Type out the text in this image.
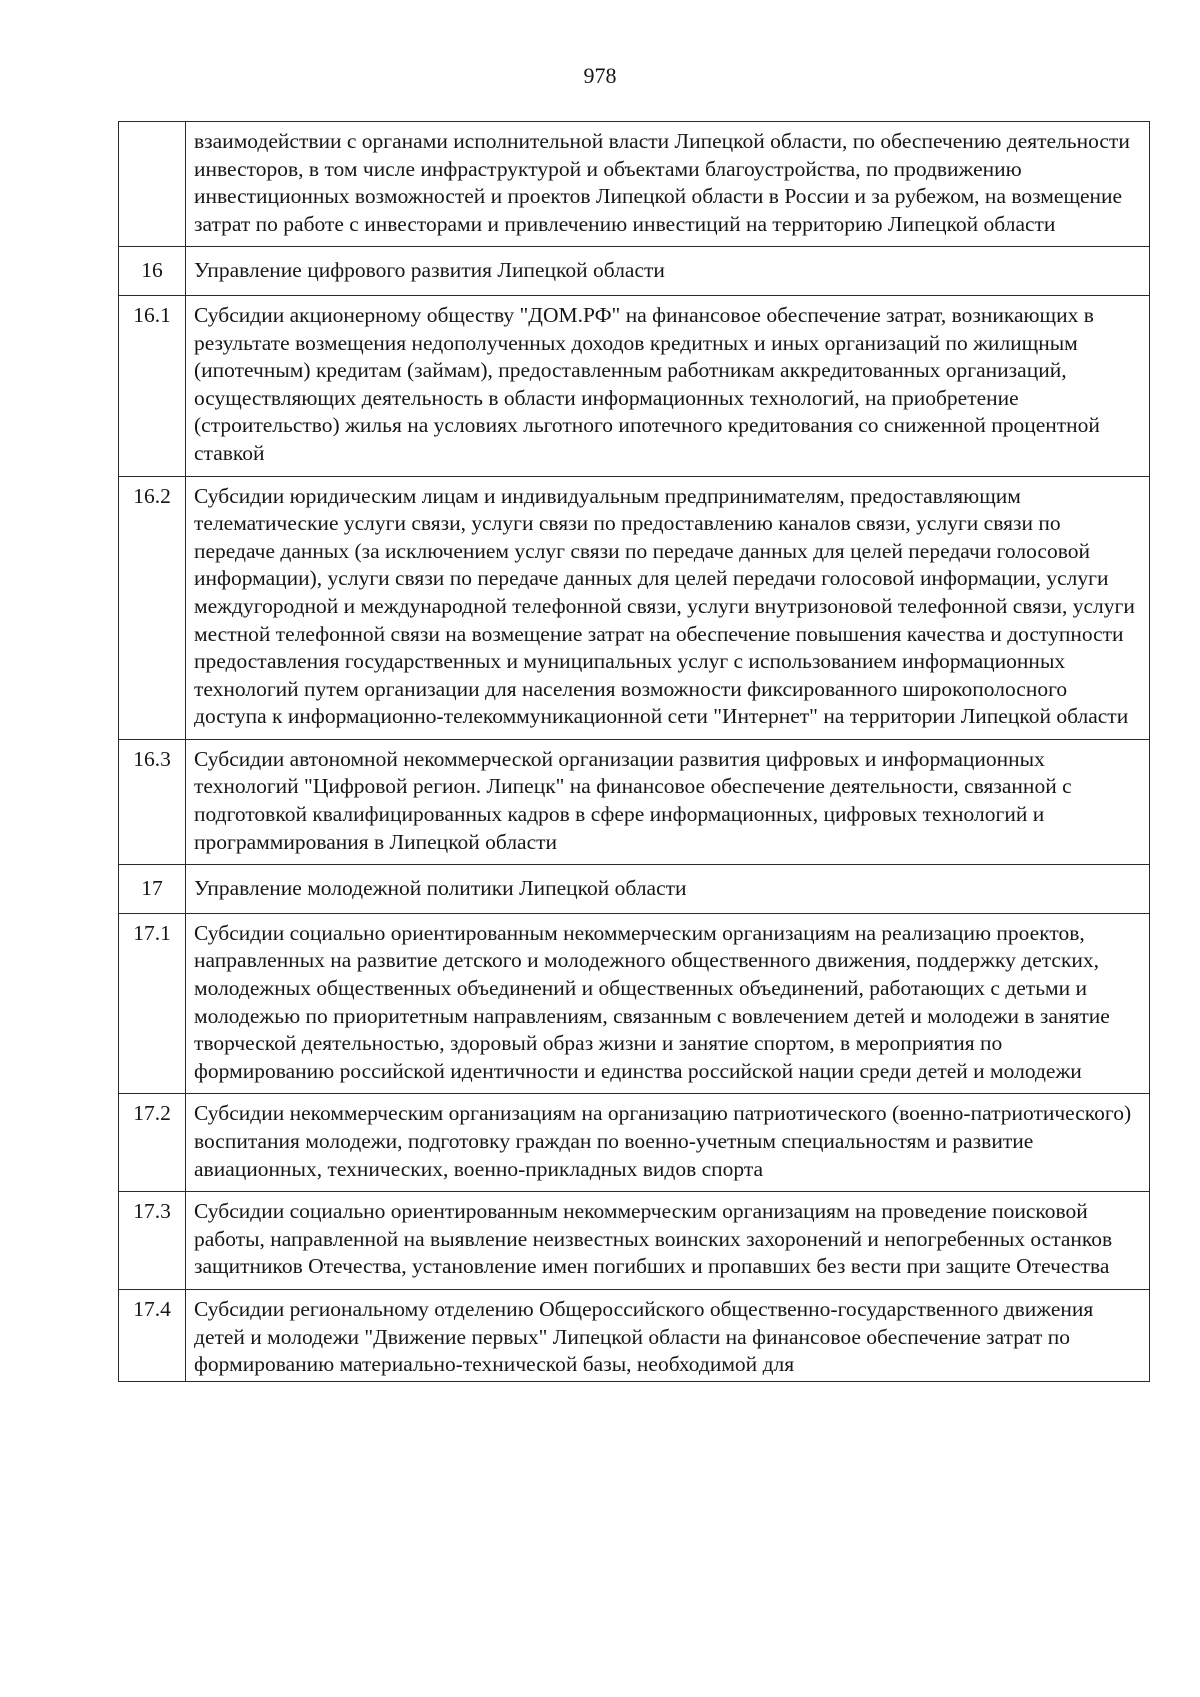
978
	взаимодействии с органами исполнительной власти Липецкой области, по обеспечению деятельности инвесторов, в том числе инфраструктурой и объектами благоустройства, по продвижению инвестиционных возможностей и проектов Липецкой области в России и за рубежом, на возмещение затрат по работе с инвесторами и привлечению инвестиций на территорию Липецкой области
16	Управление цифрового развития Липецкой области
16.1	Субсидии акционерному обществу "ДОМ.РФ" на финансовое обеспечение затрат, возникающих в результате возмещения недополученных доходов кредитных и иных организаций по жилищным (ипотечным) кредитам (займам), предоставленным работникам аккредитованных организаций, осуществляющих деятельность в области информационных технологий, на приобретение (строительство) жилья на условиях льготного ипотечного кредитования со сниженной процентной ставкой
16.2	Субсидии юридическим лицам и индивидуальным предпринимателям, предоставляющим телематические услуги связи, услуги связи по предоставлению каналов связи, услуги связи по передаче данных (за исключением услуг связи по передаче данных для целей передачи голосовой информации), услуги связи по передаче данных для целей передачи голосовой информации, услуги междугородной и международной телефонной связи, услуги внутризоновой телефонной связи, услуги местной телефонной связи на возмещение затрат на обеспечение повышения качества и доступности предоставления государственных и муниципальных услуг с использованием информационных технологий путем организации для населения возможности фиксированного широкополосного доступа к информационно-телекоммуникационной сети "Интернет" на территории Липецкой области
16.3	Субсидии автономной некоммерческой организации развития цифровых и информационных технологий "Цифровой регион. Липецк" на финансовое обеспечение деятельности, связанной с подготовкой квалифицированных кадров в сфере информационных, цифровых технологий и программирования в Липецкой области
17	Управление молодежной политики Липецкой области
17.1	Субсидии социально ориентированным некоммерческим организациям на реализацию проектов, направленных на развитие детского и молодежного общественного движения, поддержку детских, молодежных общественных объединений и общественных объединений, работающих с детьми и молодежью по приоритетным направлениям, связанным с вовлечением детей и молодежи в занятие творческой деятельностью, здоровый образ жизни и занятие спортом, в мероприятия по формированию российской идентичности и единства российской нации среди детей и молодежи
17.2	Субсидии некоммерческим организациям на организацию патриотического (военно-патриотического) воспитания молодежи, подготовку граждан по военно-учетным специальностям и развитие авиационных, технических, военно-прикладных видов спорта
17.3	Субсидии социально ориентированным некоммерческим организациям на проведение поисковой работы, направленной на выявление неизвестных воинских захоронений и непогребенных останков защитников Отечества, установление имен погибших и пропавших без вести при защите Отечества
17.4	Субсидии региональному отделению Общероссийского общественно-государственного движения детей и молодежи "Движение первых" Липецкой области на финансовое обеспечение затрат по формированию материально-технической базы, необходимой для
